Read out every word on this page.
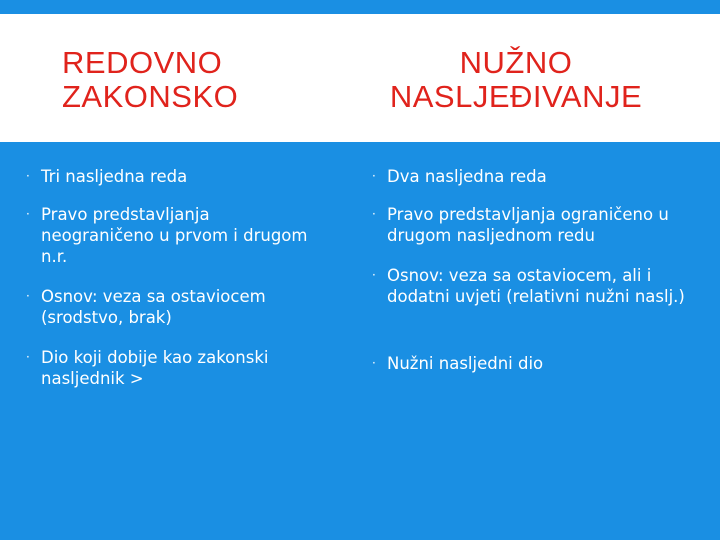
REDOVNO
ZAKONSKO
NUŽNO
NASLJEĐIVANJE
· Tri nasljedna reda
· Pravo predstavljanja neograničeno u prvom i drugom n.r.
· Osnov: veza sa ostaviocem (srodstvo, brak)
· Dio koji dobije kao zakonski nasljednik >
· Dva nasljedna reda
· Pravo predstavljanja ograničeno u drugom nasljednom redu
· Osnov: veza sa ostaviocem, ali i dodatni uvjeti (relativni nužni naslj.)
· Nužni nasljedni dio
